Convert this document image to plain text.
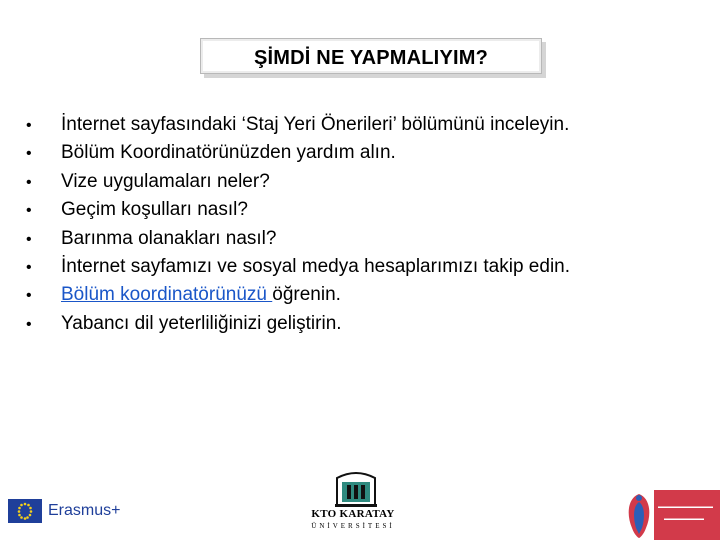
ŞİMDİ NE YAPMALIYIM?
•	İnternet sayfasındaki ‘Staj Yeri Önerileri’ bölümünü inceleyin.
•	Bölüm Koordinatörünüzden yardım alın.
•	Vize uygulamaları neler?
•	Geçim koşulları nasıl?
•	Barınma olanakları nasıl?
•	İnternet sayfamızı ve sosyal medya hesaplarımızı takip edin.
•	Bölüm koordinatörünüzü öğrenin.
•	Yabancı dil yeterliliğinizi geliştirin.
Erasmus+	KTO KARATAY
ÜNİVERSİTESİ
▬▬▬▬▬▬▬▬▬▬▬
▬▬▬▬▬▬▬▬
